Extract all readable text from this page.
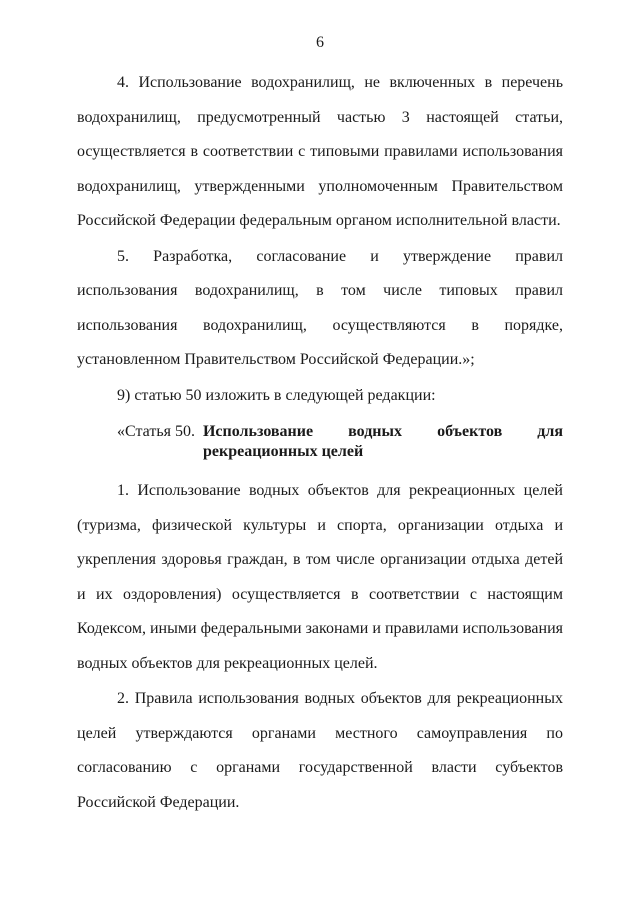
6

4. Использование водохранилищ, не включенных в перечень водохранилищ, предусмотренный частью 3 настоящей статьи, осуществляется в соответствии с типовыми правилами использования водохранилищ, утвержденными уполномоченным Правительством Российской Федерации федеральным органом исполнительной власти.

5. Разработка, согласование и утверждение правил использования водохранилищ, в том числе типовых правил использования водохранилищ, осуществляются в порядке, установленном Правительством Российской Федерации.»;

9) статью 50 изложить в следующей редакции:

«Статья 50. Использование водных объектов для рекреационных целей

1. Использование водных объектов для рекреационных целей (туризма, физической культуры и спорта, организации отдыха и укрепления здоровья граждан, в том числе организации отдыха детей и их оздоровления) осуществляется в соответствии с настоящим Кодексом, иными федеральными законами и правилами использования водных объектов для рекреационных целей.

2. Правила использования водных объектов для рекреационных целей утверждаются органами местного самоуправления по согласованию с органами государственной власти субъектов Российской Федерации.
